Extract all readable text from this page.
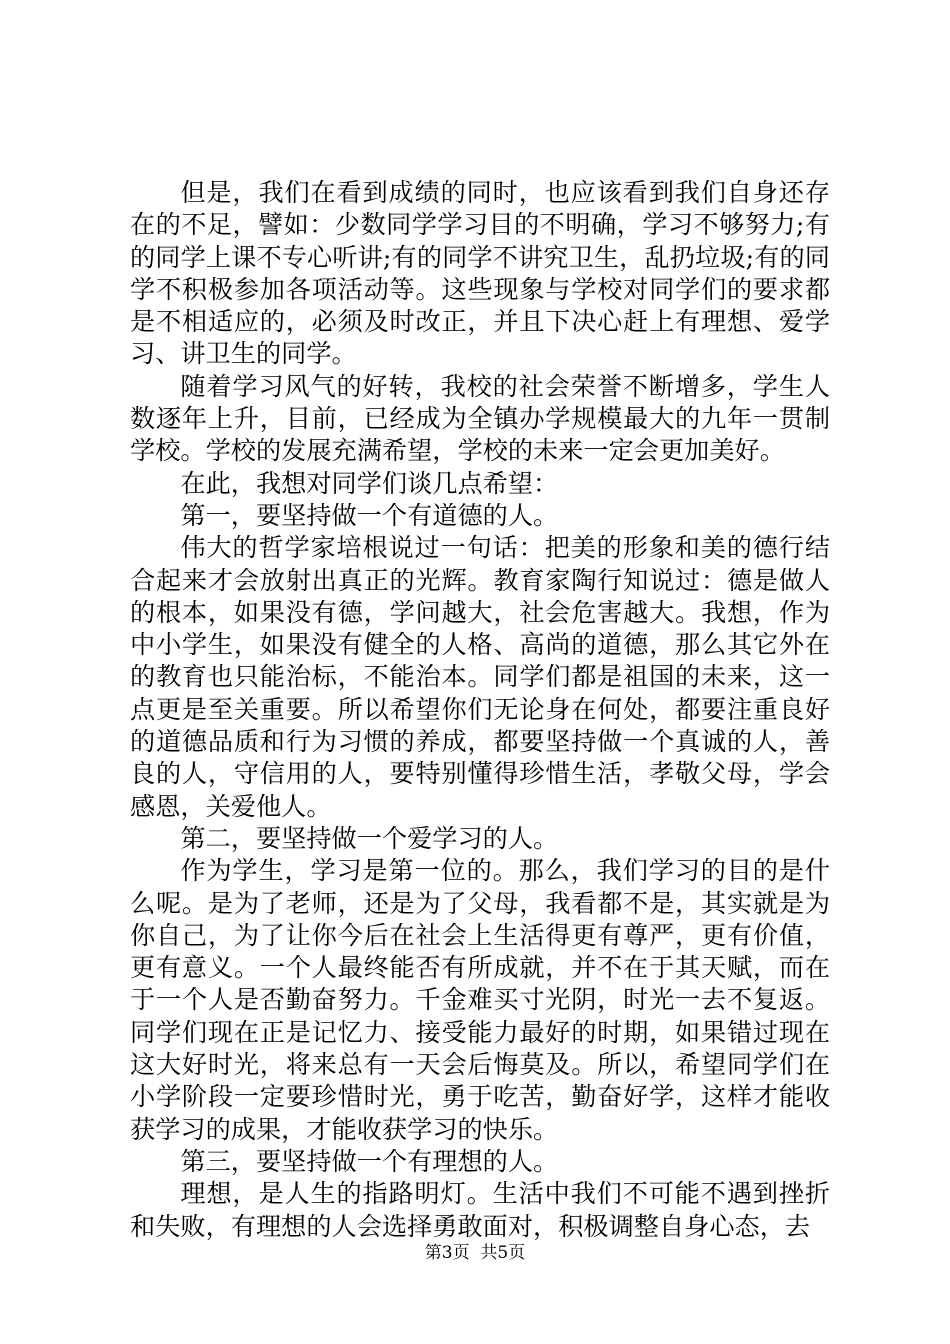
但是，我们在看到成绩的同时，也应该看到我们自身还存在的不足，譬如：少数同学学习目的不明确，学习不够努力;有的同学上课不专心听讲;有的同学不讲究卫生，乱扔垃圾;有的同学不积极参加各项活动等。这些现象与学校对同学们的要求都是不相适应的，必须及时改正，并且下决心赶上有理想、爱学习、讲卫生的同学。

随着学习风气的好转，我校的社会荣誉不断增多，学生人数逐年上升，目前，已经成为全镇办学规模最大的九年一贯制学校。学校的发展充满希望，学校的未来一定会更加美好。

在此，我想对同学们谈几点希望：

第一，要坚持做一个有道德的人。

伟大的哲学家培根说过一句话：把美的形象和美的德行结合起来才会放射出真正的光辉。教育家陶行知说过：德是做人的根本，如果没有德，学问越大，社会危害越大。我想，作为中小学生，如果没有健全的人格、高尚的道德，那么其它外在的教育也只能治标，不能治本。同学们都是祖国的未来，这一点更是至关重要。所以希望你们无论身在何处，都要注重良好的道德品质和行为习惯的养成，都要坚持做一个真诚的人，善良的人，守信用的人，要特别懂得珍惜生活，孝敬父母，学会感恩，关爱他人。

第二，要坚持做一个爱学习的人。

作为学生，学习是第一位的。那么，我们学习的目的是什么呢。是为了老师，还是为了父母，我看都不是，其实就是为你自己，为了让你今后在社会上生活得更有尊严，更有价值，更有意义。一个人最终能否有所成就，并不在于其天赋，而在于一个人是否勤奋努力。千金难买寸光阴，时光一去不复返。同学们现在正是记忆力、接受能力最好的时期，如果错过现在这大好时光，将来总有一天会后悔莫及。所以，希望同学们在小学阶段一定要珍惜时光，勇于吃苦，勤奋好学，这样才能收获学习的成果，才能收获学习的快乐。

第三，要坚持做一个有理想的人。

理想，是人生的指路明灯。生活中我们不可能不遇到挫折和失败，有理想的人会选择勇敢面对，积极调整自身心态，去

第3页  共5页
